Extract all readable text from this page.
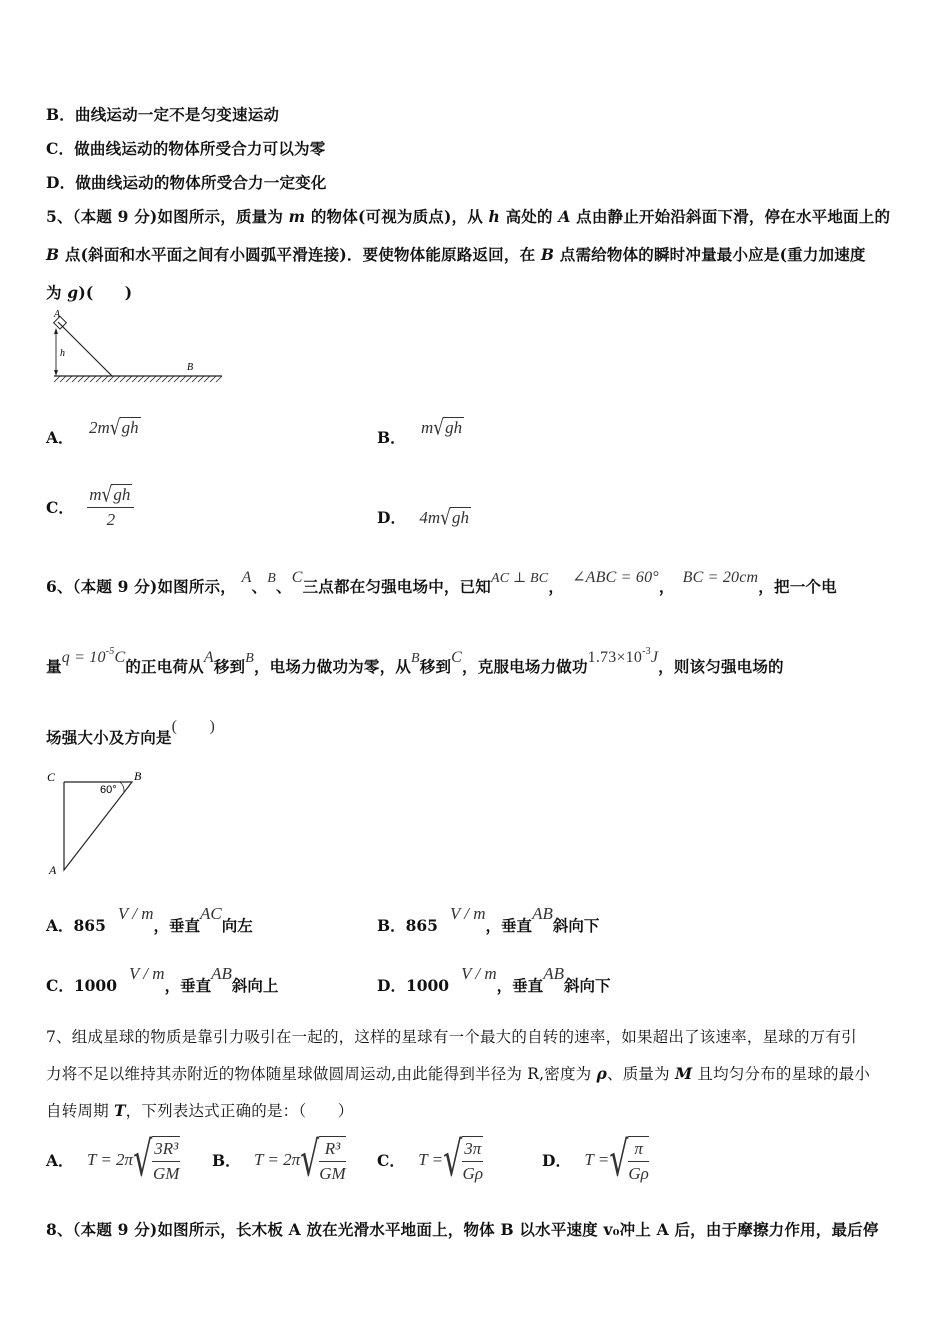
B．曲线运动一定不是匀变速运动
C．做曲线运动的物体所受合力可以为零
D．做曲线运动的物体所受合力一定变化
5、（本题 9 分)如图所示，质量为 m 的物体(可视为质点)，从 h 高处的 A 点由静止开始沿斜面下滑，停在水平地面上的
B 点(斜面和水平面之间有小圆弧平滑连接)．要使物体能原路返回，在 B 点需给物体的瞬时冲量最小应是(重力加速度
为 g)(　　)
A
h
B
A． 2m√gh
B． m√gh
C． $\frac{m√gh}{2}$	D． 4m√gh
6、（本题 9 分)如图所示， A、B、C三点都在匀强电场中，已知AC ⊥ BC， ∠ABC = 60°， BC = 20cm，把一个电
量$q = 10^{-5}C$的正电荷从A移到B，电场力做功为零，从B移到C，克服电场力做功$1.73\times 10^{-3}J$，则该匀强电场的
场强大小及方向是(　　)
C	B
A
60°
A．865V / m，垂直AC向左	B．865V / m，垂直AB斜向下
C．1000V / m，垂直AB斜向上	D．1000V / m，垂直AB斜向下
7、组成星球的物质是靠引力吸引在一起的，这样的星球有一个最大的自转的速率，如果超出了该速率，星球的万有引
力将不足以维持其赤附近的物体随星球做圆周运动,由此能得到半径为 R,密度为 ρ、质量为 M 且均匀分布的星球的最小
自转周期 T，下列表达式正确的是：（　　）
A． $T = 2\pi√ \frac{\text{3R³}}{GM}$ B． $T = 2\pi√ \frac{\text{R³}}{GM}$ C． T =√ $\frac{3\pi}{G\rho}$	D． T =√ $\frac{\pi}{G\rho}$
8、（本题 9 分)如图所示，长木板 A 放在光滑水平地面上，物体 B 以水平速度 v₀冲上 A 后，由于摩擦力作用，最后停
